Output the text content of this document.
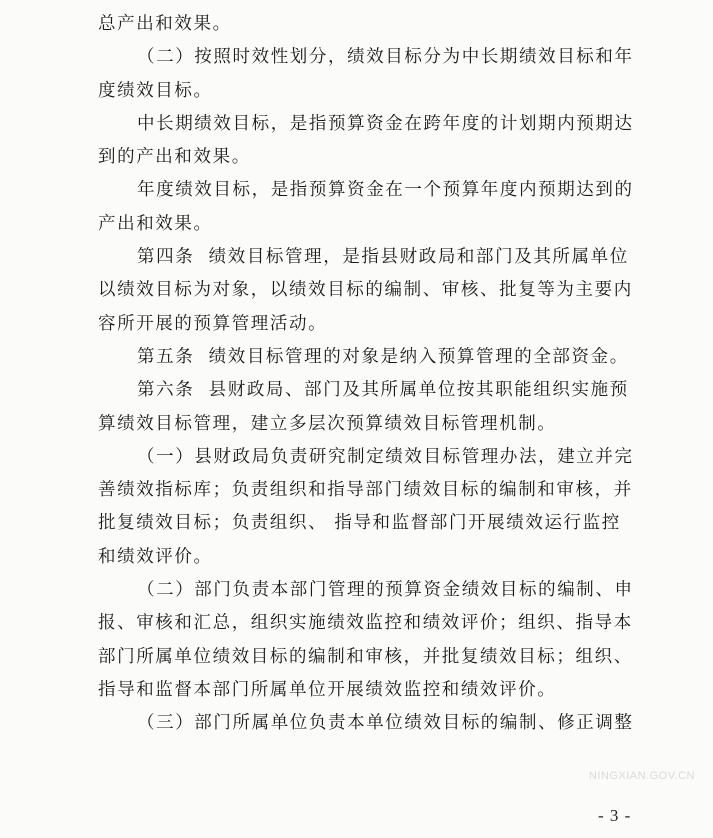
总产出和效果。

（二）按照时效性划分，绩效目标分为中长期绩效目标和年
度绩效目标。

中长期绩效目标，是指预算资金在跨年度的计划期内预期达
到的产出和效果。

年度绩效目标，是指预算资金在一个预算年度内预期达到的
产出和效果。

第四条  绩效目标管理，是指县财政局和部门及其所属单位
以绩效目标为对象，以绩效目标的编制、审核、批复等为主要内
容所开展的预算管理活动。

第五条  绩效目标管理的对象是纳入预算管理的全部资金。

第六条  县财政局、部门及其所属单位按其职能组织实施预
算绩效目标管理，建立多层次预算绩效目标管理机制。

（一）县财政局负责研究制定绩效目标管理办法，建立并完
善绩效指标库；负责组织和指导部门绩效目标的编制和审核，并
批复绩效目标；负责组织、 指导和监督部门开展绩效运行监控
和绩效评价。

（二）部门负责本部门管理的预算资金绩效目标的编制、申
报、审核和汇总，组织实施绩效监控和绩效评价；组织、指导本
部门所属单位绩效目标的编制和审核，并批复绩效目标；组织、
指导和监督本部门所属单位开展绩效监控和绩效评价。

（三）部门所属单位负责本单位绩效目标的编制、修正调整

NINGXIAN.GOV.CN
- 3 -
